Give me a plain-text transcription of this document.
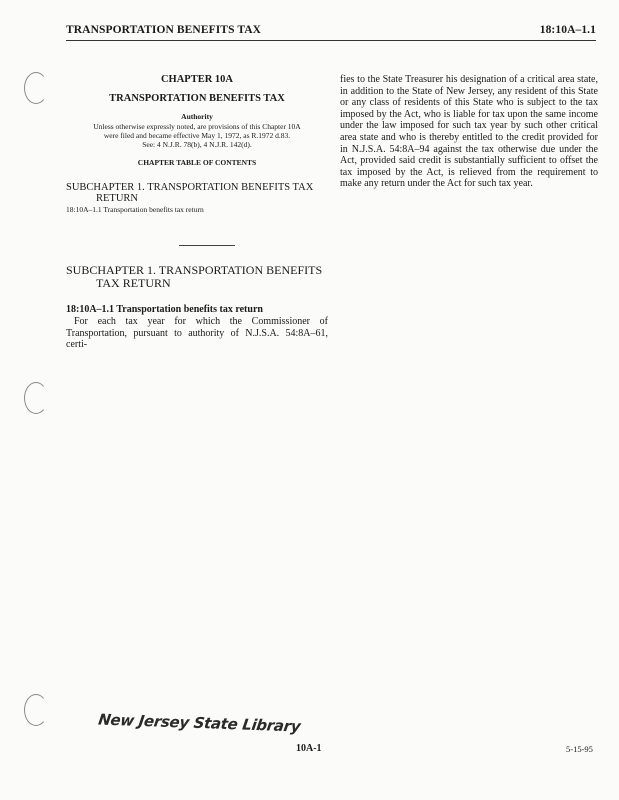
TRANSPORTATION BENEFITS TAX	18:10A–1.1

CHAPTER 10A

TRANSPORTATION BENEFITS TAX

Authority

Unless otherwise expressly noted, are provisions of this Chapter 10A
were filed and became effective May 1, 1972, as R.1972 d.83.
See: 4 N.J.R. 78(b), 4 N.J.R. 142(d).

CHAPTER TABLE OF CONTENTS

SUBCHAPTER 1. TRANSPORTATION BENEFITS TAX
RETURN

18:10A–1.1 Transportation benefits tax return

SUBCHAPTER 1. TRANSPORTATION BENEFITS
TAX RETURN

18:10A–1.1 Transportation benefits tax return

For each tax year for which the Commissioner of Transportation, pursuant to authority of N.J.S.A. 54:8A–61, certi-

fies to the State Treasurer his designation of a critical area state, in addition to the State of New Jersey, any resident of this State or any class of residents of this State who is subject to the tax imposed by the Act, who is liable for tax upon the same income under the law imposed for such tax year by such other critical area state and who is thereby entitled to the credit provided for in N.J.S.A. 54:8A–94 against the tax otherwise due under the Act, provided said credit is substantially sufficient to offset the tax imposed by the Act, is relieved from the requirement to make any return under the Act for such tax year.

New Jersey State Library
10A-1	5-15-95
